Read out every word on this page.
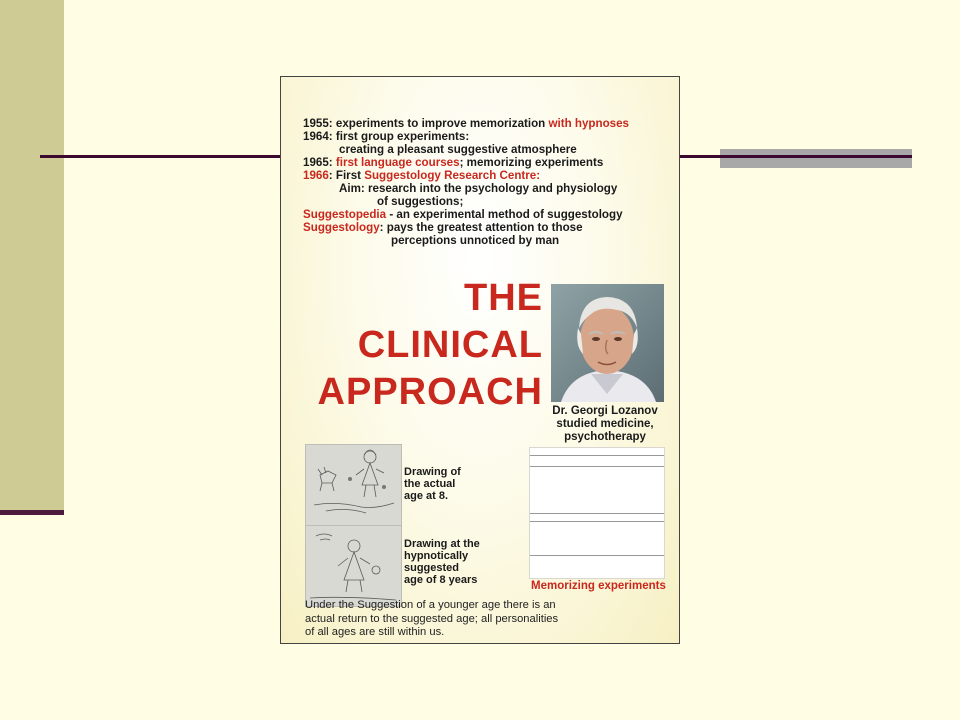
1955: experiments to improve memorization with hypnoses
1964: first group experiments:
creating a pleasant suggestive atmosphere
1965: first language courses; memorizing experiments
1966: First Suggestology Research Centre:
Aim: research into the psychology and physiology
of suggestions;
Suggestopedia - an experimental method of suggestology
Suggestology: pays the greatest attention to those
perceptions unnoticed by man
THE
CLINICAL
APPROACH Dr. Georgi Lozanov
studied medicine,
psychotherapy
Drawing of
the actual
age at 8.
Drawing at the
hypnotically
suggested
age of 8 years

	Memorizing experiments
Under the Suggestion of a younger age there is an
actual return to the suggested age; all personalities
of all ages are still within us.
